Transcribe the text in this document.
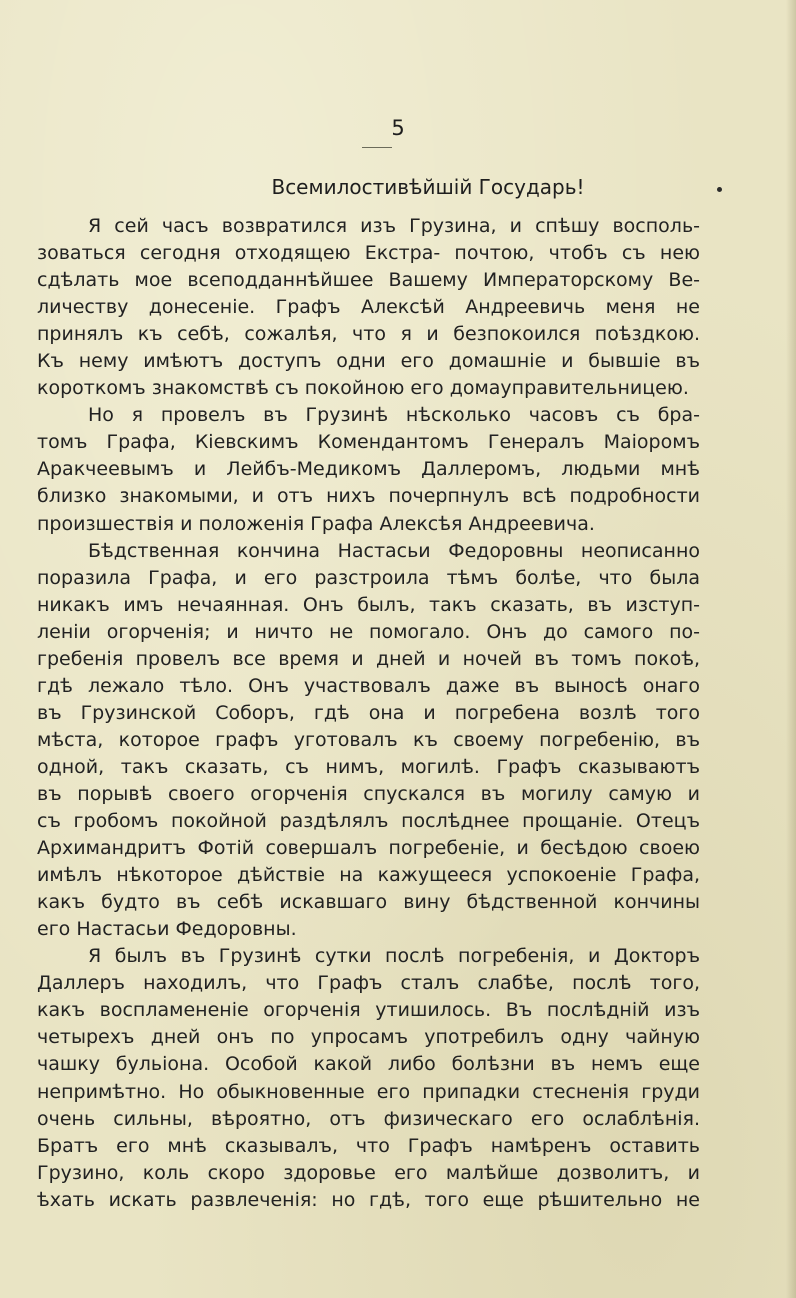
5
Всемилостивѣйшій Государь!
Я сей часъ возвратился изъ Грузина, и спѣшу восполь-
зоваться сегодня отходящею Екстра- почтою, чтобъ съ нею
сдѣлать мое всеподданнѣйшее Вашему Императорскому Ве-
личеству донесеніе. Графъ Алексѣй Андреевичь меня не
принялъ къ себѣ, сожалѣя, что я и безпокоился поѣздкою.
Къ нему имѣютъ доступъ одни его домашніе и бывшіе въ
короткомъ знакомствѣ съ покойною его домауправительницею.
Но я провелъ въ Грузинѣ нѣсколько часовъ съ бра-
томъ Графа, Кіевскимъ Комендантомъ Генералъ Маіоромъ
Аракчеевымъ и Лейбъ-Медикомъ Даллеромъ, людьми мнѣ
близко знакомыми, и отъ нихъ почерпнулъ всѣ подробности
произшествія и положенія Графа Алексѣя Андреевича.
Бѣдственная кончина Настасьи Федоровны неописанно
поразила Графа, и его разстроила тѣмъ болѣе, что была
никакъ имъ нечаянная. Онъ былъ, такъ сказать, въ изступ-
леніи огорченія; и ничто не помогало. Онъ до самого по-
гребенія провелъ все время и дней и ночей въ томъ покоѣ,
гдѣ лежало тѣло. Онъ участвовалъ даже въ выносѣ онаго
въ Грузинской Соборъ, гдѣ она и погребена возлѣ того
мѣста, которое графъ уготовалъ къ своему погребенію, въ
одной, такъ сказать, съ нимъ, могилѣ. Графъ сказываютъ
въ порывѣ своего огорченія спускался въ могилу самую и
съ гробомъ покойной раздѣлялъ послѣднее прощаніе. Отецъ
Архимандритъ Фотій совершалъ погребеніе, и бесѣдою своею
имѣлъ нѣкоторое дѣйствіе на кажущееся успокоеніе Графа,
какъ будто въ себѣ искавшаго вину бѣдственной кончины
его Настасьи Федоровны.
Я былъ въ Грузинѣ сутки послѣ погребенія, и Докторъ
Даллеръ находилъ, что Графъ сталъ слабѣе, послѣ того,
какъ воспламененіе огорченія утишилось. Въ послѣдній изъ
четырехъ дней онъ по упросамъ употребилъ одну чайную
чашку бульіона. Особой какой либо болѣзни въ немъ еще
непримѣтно. Но обыкновенные его припадки стесненія груди
очень сильны, вѣроятно, отъ физическаго его ослаблѣнія.
Братъ его мнѣ сказывалъ, что Графъ намѣренъ оставить
Грузино, коль скоро здоровье его малѣйше дозволитъ, и
ѣхать искать развлеченія: но гдѣ, того еще рѣшительно не
